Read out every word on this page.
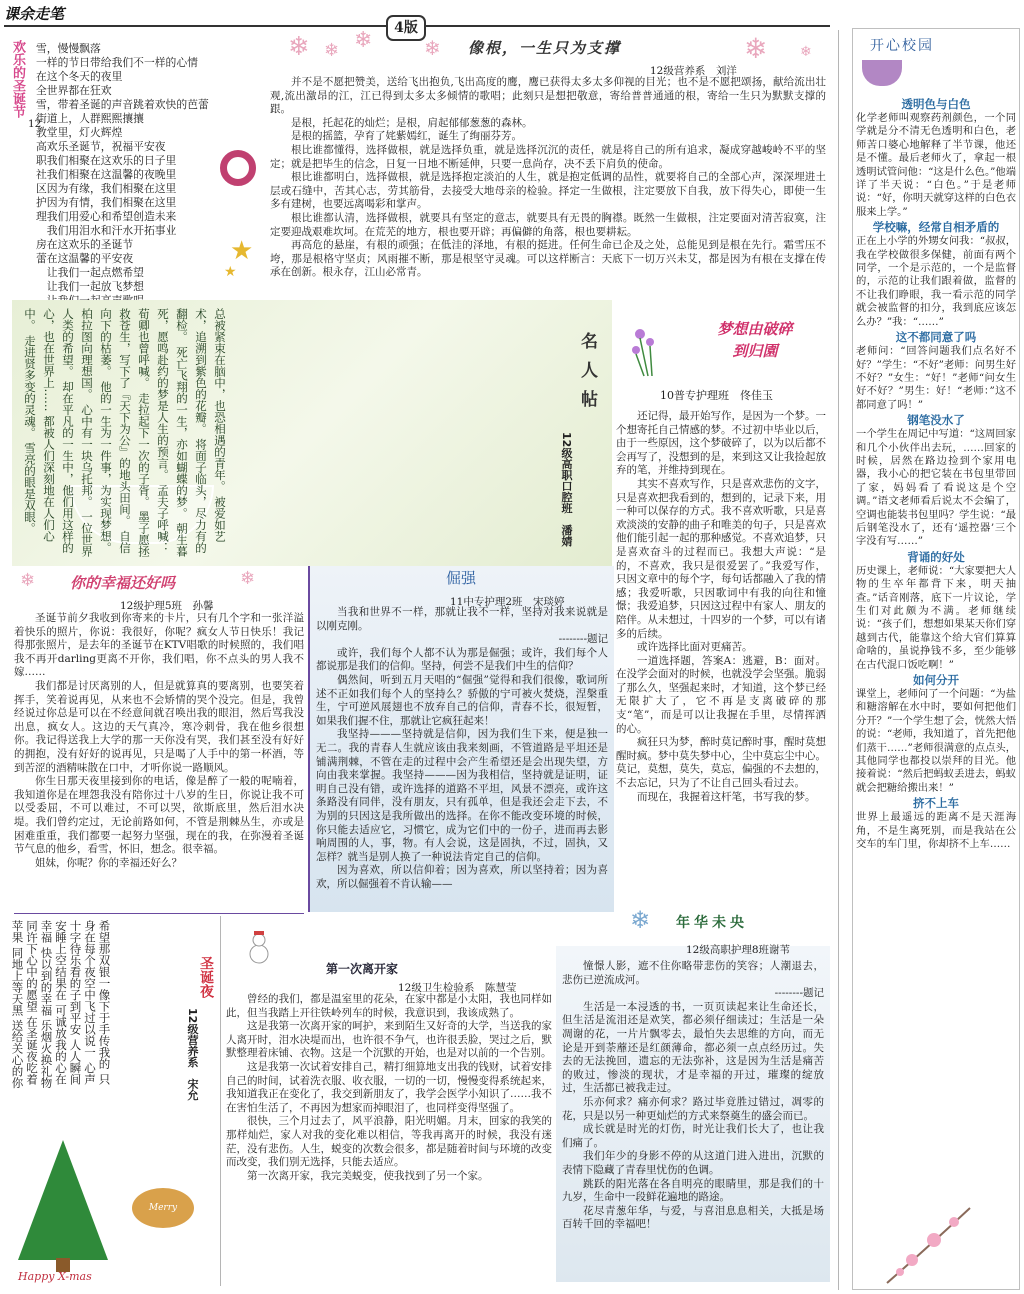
课余走笔
4版
❄ ❄ ❄	❄	❄ ❄
★
★
欢乐的圣诞节 雪，慢慢飘落
一样的节日带给我们不一样的心情
在这个冬天的夜里
全世界都在狂欢
雪，带着圣诞的声音跳着欢快的芭蕾
街道上，人群熙熙攘攘
教堂里，灯火辉煌
高欢乐圣诞节，祝福平安夜
职我们相聚在这欢乐的日子里
社我们相聚在这温馨的夜晚里
区因为有缘，我们相聚在这里
护因为有情，我们相聚在这里
理我们用爱心和希望创造未来
　我们用泪水和汗水开拓事业
房在这欢乐的圣诞节
蕾在这温馨的平安夜
　让我们一起点燃希望
　让我们一起放飞梦想
12
像根，一生只为支撑
12级营养系　刘洋
并不是不愿把赞美，送给飞出抱负,飞出高度的鹰，鹰已获得太多太多仰视的目光；也不是不愿把颂扬，献给流出壮观,流出激昂的江，江已得到太多太多倾情的歌唱；此刻只是想把敬意，寄给普普通通的根，寄给一生只为默默支撑的跟。
是根，托起花的灿烂；是根，肩起郁郁葱葱的森林。
是根的摇篮，孕育了姹紫嫣红，诞生了绚丽芬芳。
根比谁都懂得，选择做根，就是选择负重，就是选择沉沉的责任，就是将自己的所有追求，凝成穿越峻岭不平的坚定；就是把毕生的信念，日复一日地不断延伸，只要一息尚存，决不丢下肩负的使命。
根比谁都明白，选择做根，就是选择抱定淡泊的人生，就是抱定低调的品性，就要将自己的全部心声，深深埋进土层或石缝中，苦其心志，劳其筋骨，去接受大地母亲的检验。择定一生做根，注定要放下自我，放下得失心，即使一生多有建树，也要远离喝彩和掌声。
根比谁都认清，选择做根，就要具有坚定的意志，就要具有无畏的胸襟。既然一生做根，注定要面对清苦寂寞，注定要迎战艰难坎坷。在荒芜的地方，根也要开辟；再偏僻的角落，根也要耕耘。
再高危的悬崖，有根的顽强；在低洼的泽地，有根的挺进。任何生命已企及之处，总能见到是根在先行。霜雪压不垮，那是根格守坚贞；风雨摧不断，那是根坚守灵魂。可以这样断言：天底下一切万兴未艾，都是因为有根在支撑在传承在创新。根永存，江山必常青。
总被紧束在脑中，也恐相遇的青年。 被爱如艺术，追溯到紫色的花瓣。 将面子临头，尽力有的翻检。 死亡飞翔的一生，亦如蝴蝶的梦。 朝生暮死，愿鸣赴约的梦是人生的预言。 孟夫子呼喊：荀卿也曾呼喊。 走拉起下一次的子胥。 墨子愿拯救苍生，写下了『天下为公』的地头田间。 自信向下的枯萎。 他的一生为一件事，为实现梦想。 柏拉图向理想国。 心中有一块乌托邦。 一位世界人类的希望。 却在平凡的一生中，他们用这样的心，也在世界上…… 都被人们深刻地在人们心中。 走进贤多变的灵魂。 雪亮的眼是双眼。
名人帖
12级高职口腔班　潘婧
梦想由破碎
到归園
10普专护理班　佟佳玉
还记得，最开始写作，是因为一个梦。一个想寄托自己情感的梦。不过初中毕业以后，由于一些原因，这个梦破碎了，以为以后都不会再写了，没想到的是，来到这又让我捡起放弃的笔，并维持到现在。
其实不喜欢写作，只是喜欢悲伤的文字，只是喜欢把我看到的，想到的，记录下来，用一种可以保存的方式。我不喜欢听歌，只是喜欢淡淡的安静的曲子和唯美的句子，只是喜欢他们能引起一起的那种感觉。不喜欢追梦，只是喜欢奋斗的过程而已。我想大声说：“是的，不喜欢，我只是很爱罢了。”我爱写作，只因文章中的每个字，每句话都融入了我的情感；我爱听歌，只因歌词中有我的向往和憧憬；我爱追梦，只因这过程中有家人、朋友的陪伴。从未想过，十四岁的一个梦，可以有诸多的后续。
或许选择比面对更痛苦。
一道选择题，答案A：逃避，B：面对。在没学会面对的时候，也就没学会坚强。脆弱了那么久，坚强起来时，才知道，这个梦已经无限扩大了，它不再是支离破碎的那支“笔”，而是可以让我握在手里，尽情挥洒的心。
疯狂只为梦，醉时莫记醉时事，醒时莫想醒时疯。梦中莫失梦中心，尘中莫忘尘中心。莫记，莫想，莫失，莫忘，偏强的不去想的，不去忘记，只为了不让自己回头看过去。
而现在，我握着这杆笔，书写我的梦。
❄	❄
你的幸福还好吗
12级护理5班　孙馨
圣诞节前夕我收到你寄来的卡片，只有几个字和一张洋溢着快乐的照片，你说：我很好，你呢？疯女人节日快乐！我记得那张照片，是去年的圣诞节在KTV唱歌的时候照的，我们唱我不再开darling更离不开你，我们唱，你不点头的男人我不嫁……
我们都是讨厌离别的人，但是就算真的要离别，也要笑着挥手，笑着说再见，从来也不会矫情的哭个没完。但是，我曾经说过你总是可以在不经意间就召唤出我的眼泪，然后骂我没出息，疯女人。这边的天气真冷，寒冷刺骨，我在他乡很想你。我记得送我上大学的那一天你没有哭，我们甚至没有好好的拥抱，没有好好的说再见，只是喝了人手中的第一杯酒，等到苦涩的酒精味散在口中，才听你说一路顺风。
你生日那天夜里接到你的电话，像是醉了一般的呢喃着，我知道你是在埋怨我没有陪你过十八岁的生日，你说让我不可以受委屈，不可以难过，不可以哭，欲斯底里，然后泪水决堤。我们曾约定过，无论前路如何，不管是荆棘丛生，亦或是困难重重，我们都要一起努力坚强，现在的我，在弥漫着圣诞节气息的他乡，看雪，怀旧，想念。很幸福。
姐妹，你呢？你的幸福还好么？
倔强
11中专护理2班　宋琰婷
当我和世界不一样，那就让我不一样，坚持对我来说就是以刚克刚。
--------题记
或许，我们每个人都不认为那是倔强；或许，我们每个人都说那是我们的信仰。坚持，何尝不是我们中生的信仰？
偶然间，听到五月天唱的“倔强”觉得和我们很像，歌词所述不正如我们每个人的坚持么？骄傲的宁可被火焚烧，涅槃重生，宁可逆风展翅也不放弃自己的信仰，青春不长，很短暂，如果我们握不住，那就让它疯狂起来！
我坚持———坚持就是信仰，因为我们生下来，便是独一无二。我的青春人生就应该由我来刻画，不管道路是平坦还是铺满荆棘，不管在走的过程中会产生希望还是会出现失望，方向由我来掌握。我坚持———因为我相信，坚持就是证明，证明自己没有错，或许选择的道路不平坦，风景不漂亮，或许这条路没有同伴，没有朋友，只有孤单，但是我还会走下去，不为别的只因这是我所做出的选择。在你不能改变环境的时候，你只能去适应它，习惯它，成为它们中的一份子，进而再去影响周围的人，事，物。有人会说，这是固执，不过，固执，又怎样？就当是别人换了一种说法肯定自己的信仰。
因为喜欢，所以信仰着；因为喜欢，所以坚持着；因为喜欢，所以倔强着不肯认输——
❄ 年华未央
12级高职护理8班谢苇
憧憬人影，遮不住你略带悲伤的笑容；人潮退去，悲伤已逆流成河。
--------题记
生活是一本浸透的书，一页页读起来让生命还长，但生活是流泪还是欢笑，都必须仔细读过；生活是一朵凋谢的花，一片片飘零去，最怕失去思维的方向，而无论是开到荼蘼还是红颜薄命，都必须一点点经历过。失去的无法挽回，遗忘的无法弥补，这是因为生活是痛苦的败过，惨淡的现状，才是幸福的开过，璀璨的绽放过，生活都已被我走过。
乐亦何求？痛亦何求？路过毕竟胜过错过，凋零的花，只是以另一种更灿烂的方式来祭奠生的盛会而已。
成长就是时光的灯伤，时光让我们长大了，也让我们痛了。
我们年少的身影不停的从这道门进入进出，沉默的表情下隐藏了青春里忧伤的色调。
跳跃的阳光落在各自明亮的眼睛里，那是我们的十九岁，生命中一段鲜花遍地的路途。
花尽青葱年华，与爱，与喜泪息息相关，大抵是场百转千回的幸福吧！
第一次离开家
12级卫生检验系　陈慧莹
曾经的我们，都是温室里的花朵，在家中都是小太阳，我也同样如此，但当我踏上开往铁岭列车的时候，我意识到，我该成熟了。
这是我第一次离开家的呵护，来到陌生又好奇的大学，当送我的家人离开时，泪水决堤而出，也许很不争气，也许很丢脸，哭过之后，默默整理着床铺、衣物。这是一个沉默的开始，也是对以前的一个告别。
这是我第一次试着安排自己，精打细算地支出我的钱财，试着安排自己的时间，试着洗衣服、收衣服，一切的一切，慢慢变得系统起来，我知道我正在变化了，我交到新朋友了，我学会医学小知识了……我不在害怕生活了，不再因为想家而掉眼泪了，也同样变得坚强了。
很快，三个月过去了，风平浪静，阳光明媚。月末，回家的我笑的那样灿烂，家人对我的变化难以相信，等我再离开的时候，我没有迷茫，没有悲伤。人生，蜕变的次数会很多，都是随着时间与环境的改变而改变，我们别无选择，只能去适应。
第一次离开家，我完美蜕变，使我找到了另一个家。
希望那双银一像下于手传我的 只身在每个夜空中飞过以说一 心声十字待乐看的子到平安 人人瞬间安睡上空结果在 可诚放我的心在幸福 快以到的幸福 乐烟火换礼物 同许下心中的愿望 在圣诞夜吃着苹果 同地上等天黑 送给关心的你
圣诞夜
12级营养系　宋允
Happy X-mas
Merry Christmas
开心校园
透明色与白色
化学老师叫观察药剂颜色，一个同学就是分不清无色透明和白色，老师苦口婆心地解释了半节课，他还是不懂。最后老师火了，拿起一根透明试管问他：“这是什么色。”他端详了半天说：“白色。”于是老师说：“好，你明天就穿这样的白色衣服来上学。”
学校嘛，经常自相矛盾的
正在上小学的外甥女问我：“叔叔，我在学校做很多保健，前面有两个同学，一个是示范的，一个是监督的，示范的让我们跟着做，监督的不让我们睁眼，我一看示范的同学就会被监督的扣分，我到底应该怎么办？”我：“……”
这不都同意了吗
老师问：“回答问题我们点名好不好？”学生：“不好”老师：问男生好不好？”女生：“好！”老师“问女生好不好？”男生：好！“老师：”这不都同意了吗！”
钢笔没水了
一个学生在周记中写道：“这周回家和几个小伙伴出去玩，……回家的时候，居然在路边捡到个家用电器，我小心的把它装在书包里带回了家，妈妈看了看说这是个空调。”语文老师看后说太不会编了，空调也能装书包里吗？学生说：“最后钢笔没水了，还有‘遥控器’三个字没有写……”
背诵的好处
历史课上，老师说：“大家要把大人物的生卒年都背下来，明天抽查。”话音刚落，底下一片议论，学生们对此颇为不满。老师继续说：“孩子们，想想如果某天你们穿越到古代，能靠这个给大官们算算命啥的，虽说挣钱不多，至少能够在古代混口饭吃啊！”
如何分开
课堂上，老师问了一个问题：“为盐和糖溶解在水中时，要如何把他们分开？”一个学生想了会，恍然大悟的说：“老师，我知道了，首先把他们蒸干……”老师很满意的点点头，其他同学也都投以崇拜的目光。他接着说：“然后把蚂蚁丢进去，蚂蚁就会把糖给搬出来！”
挤不上车
世界上最遥远的距离不是天涯海角，不是生离死别，而是我站在公交车的车门里，你却挤不上车……
